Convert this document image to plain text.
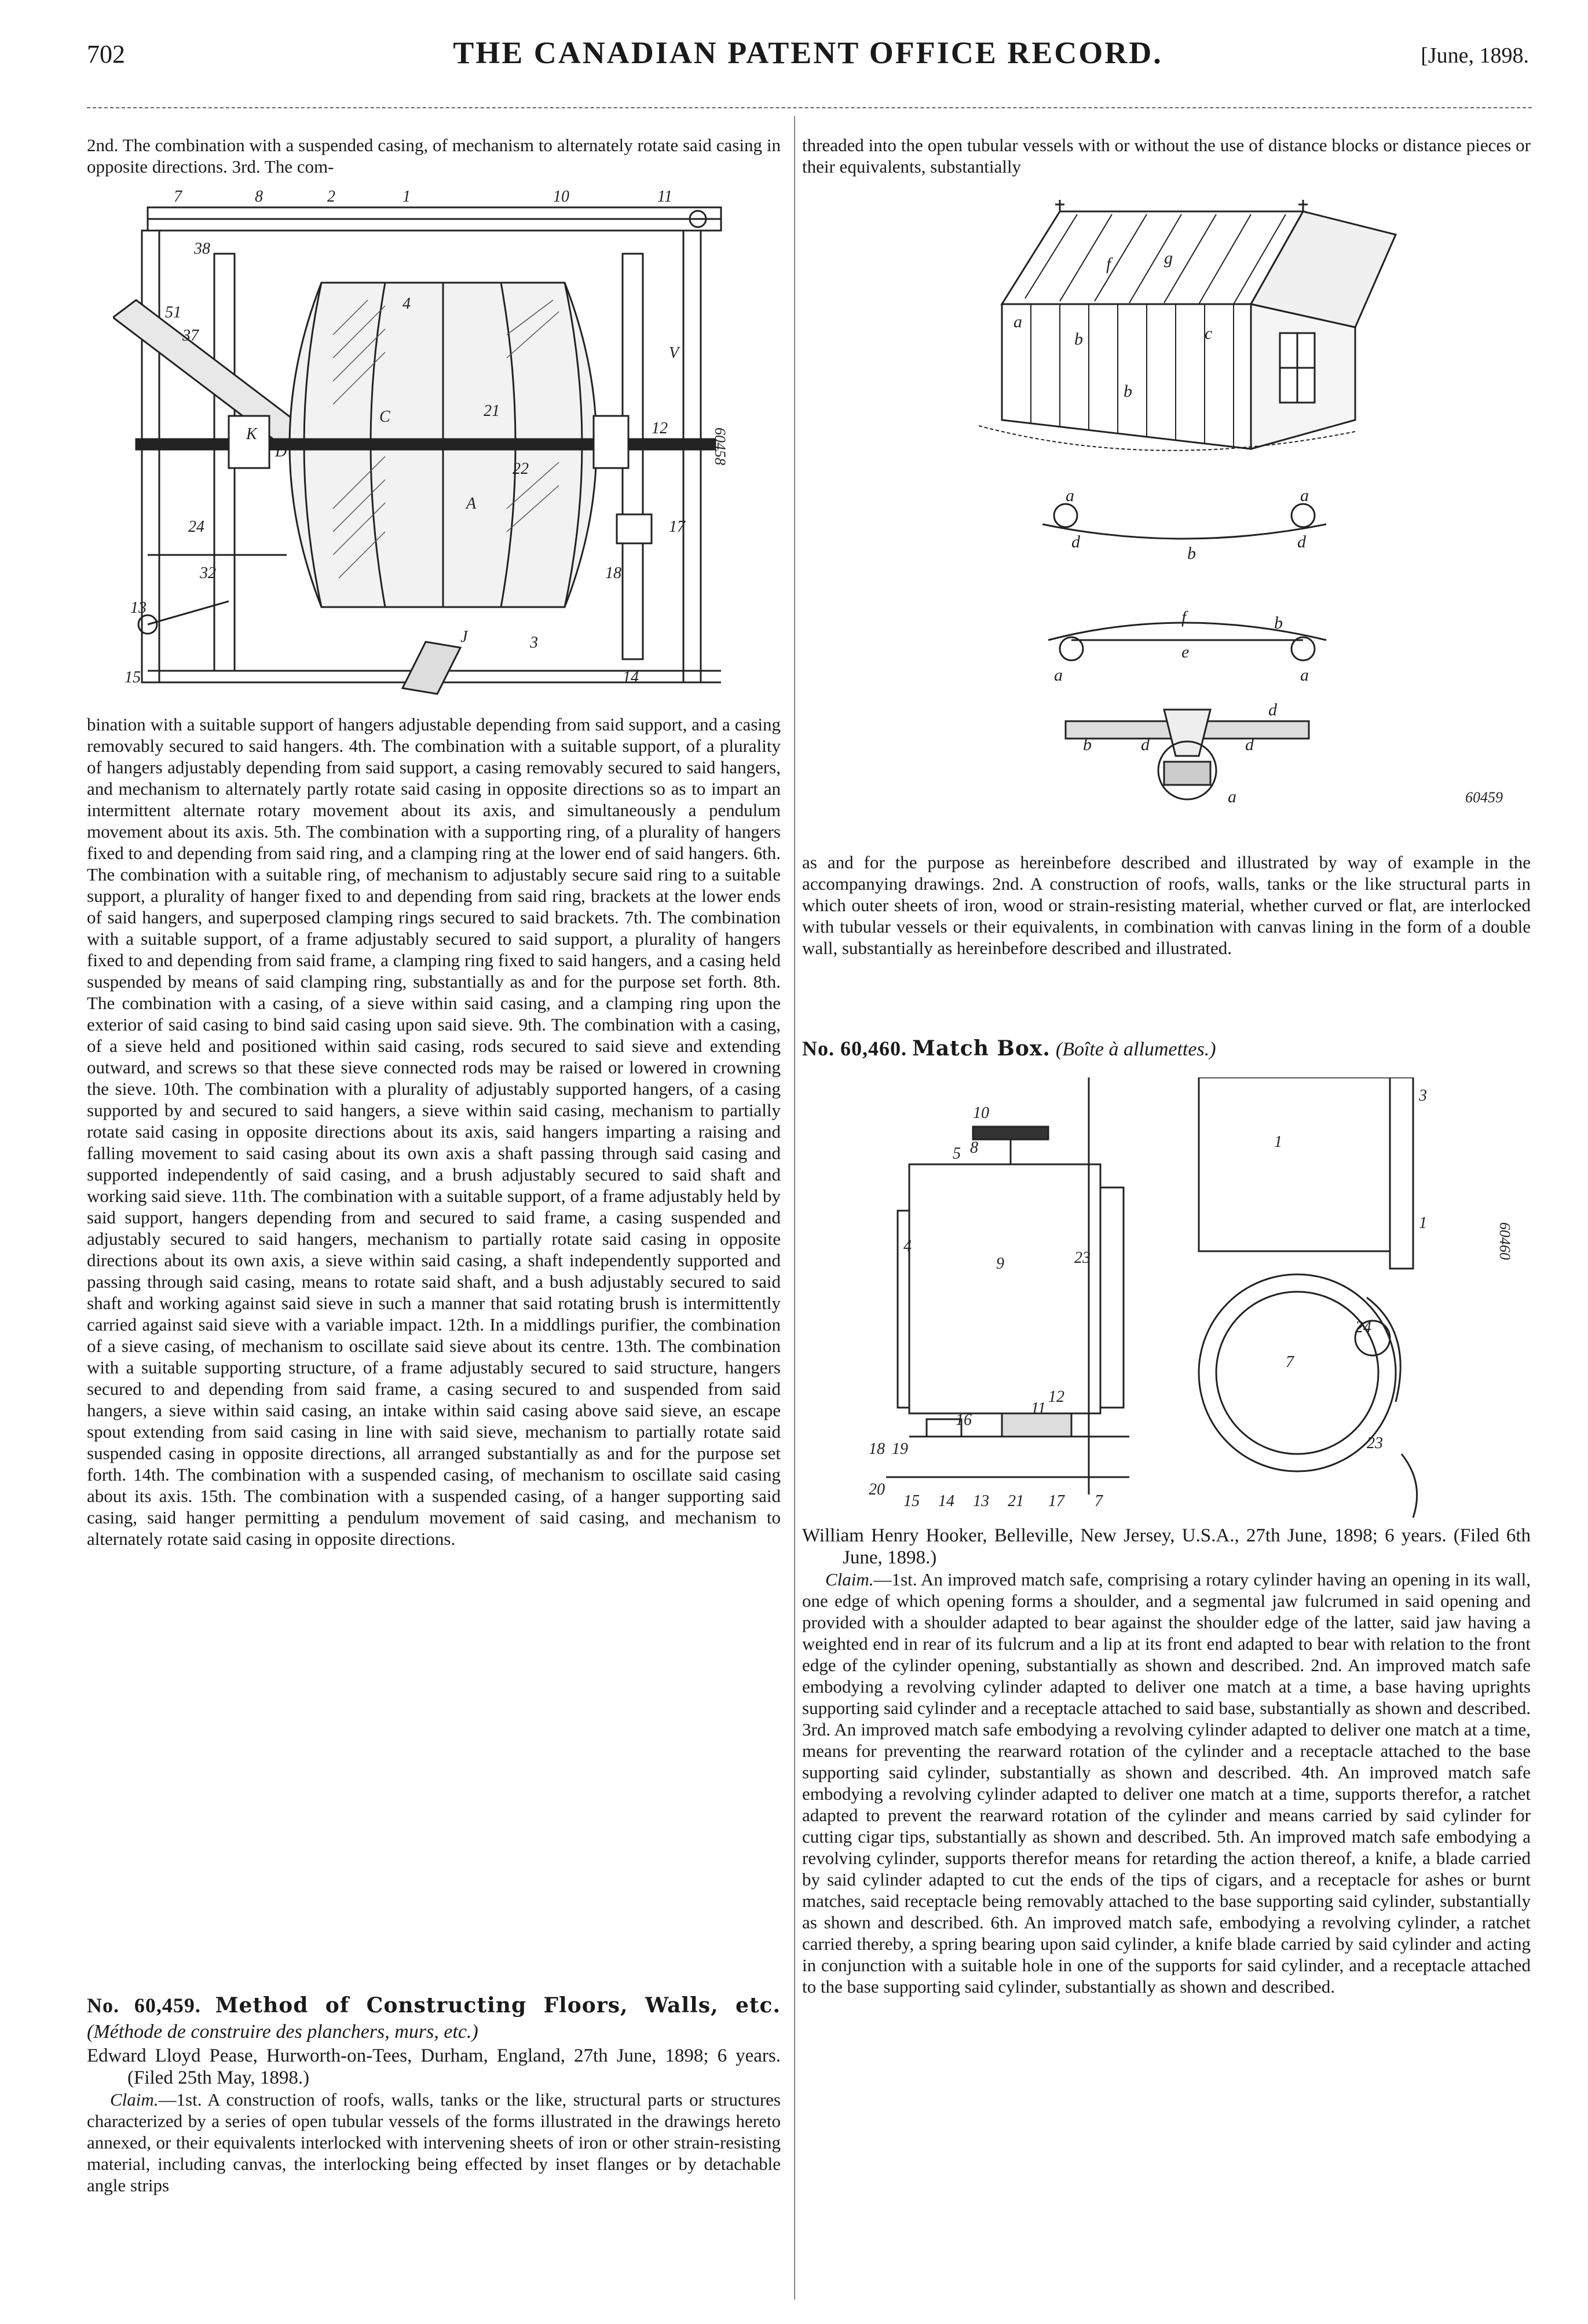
702	THE CANADIAN PATENT OFFICE RECORD.	[June, 1898.

2nd. The combination with a suspended casing, of mechanism to alternately rotate said casing in opposite directions. 3rd. The com-

7	8	2	1	10	11
38
51
37
4
C	21
22
A
K
D
J
V
24
32
13
15	14
3
18
12
17
60458

bination with a suitable support of hangers adjustable depending from said support, and a casing removably secured to said hangers. 4th. The combination with a suitable support, of a plurality of hangers adjustably depending from said support, a casing removably secured to said hangers, and mechanism to alternately partly rotate said casing in opposite directions so as to impart an intermittent alternate rotary movement about its axis, and simultaneously a pendulum movement about its axis. 5th. The combination with a supporting ring, of a plurality of hangers fixed to and depending from said ring, and a clamping ring at the lower end of said hangers. 6th. The combination with a suitable ring, of mechanism to adjustably secure said ring to a suitable support, a plurality of hanger fixed to and depending from said ring, brackets at the lower ends of said hangers, and superposed clamping rings secured to said brackets. 7th. The combination with a suitable support, of a frame adjustably secured to said support, a plurality of hangers fixed to and depending from said frame, a clamping ring fixed to said hangers, and a casing held suspended by means of said clamping ring, substantially as and for the purpose set forth. 8th. The combination with a casing, of a sieve within said casing, and a clamping ring upon the exterior of said casing to bind said casing upon said sieve. 9th. The combination with a casing, of a sieve held and positioned within said casing, rods secured to said sieve and extending outward, and screws so that these sieve connected rods may be raised or lowered in crowning the sieve. 10th. The combination with a plurality of adjustably supported hangers, of a casing supported by and secured to said hangers, a sieve within said casing, mechanism to partially rotate said casing in opposite directions about its axis, said hangers imparting a raising and falling movement to said casing about its own axis a shaft passing through said casing and supported independently of said casing, and a brush adjustably secured to said shaft and working said sieve. 11th. The combination with a suitable support, of a frame adjustably held by said support, hangers depending from and secured to said frame, a casing suspended and adjustably secured to said hangers, mechanism to partially rotate said casing in opposite directions about its own axis, a sieve within said casing, a shaft independently supported and passing through said casing, means to rotate said shaft, and a bush adjustably secured to said shaft and working against said sieve in such a manner that said rotating brush is intermittently carried against said sieve with a variable impact. 12th. In a middlings purifier, the combination of a sieve casing, of mechanism to oscillate said sieve about its centre. 13th. The combination with a suitable supporting structure, of a frame adjustably secured to said structure, hangers secured to and depending from said frame, a casing secured to and suspended from said hangers, a sieve within said casing, an intake within said casing above said sieve, an escape spout extending from said casing in line with said sieve, mechanism to partially rotate said suspended casing in opposite directions, all arranged substantially as and for the purpose set forth. 14th. The combination with a suspended casing, of mechanism to oscillate said casing about its axis. 15th. The combination with a suspended casing, of a hanger supporting said casing, said hanger permitting a pendulum movement of said casing, and mechanism to alternately rotate said casing in opposite directions.

No. 60,459. Method of Constructing Floors, Walls, etc. (Méthode de construire des planchers, murs, etc.)

Edward Lloyd Pease, Hurworth-on-Tees, Durham, England, 27th June, 1898; 6 years. (Filed 25th May, 1898.)

Claim.—1st. A construction of roofs, walls, tanks or the like, structural parts or structures characterized by a series of open tubular vessels of the forms illustrated in the drawings hereto annexed, or their equivalents interlocked with intervening sheets of iron or other strain-resisting material, including canvas, the interlocking being effected by inset flanges or by detachable angle strips

threaded into the open tubular vessels with or without the use of distance blocks or distance pieces or their equivalents, substantially

a
b
b
c
f	g
a	a
d
b
d
a	a
f
e
b
d	d
d
b
a	60459

as and for the purpose as hereinbefore described and illustrated by way of example in the accompanying drawings. 2nd. A construction of roofs, walls, tanks or the like structural parts in which outer sheets of iron, wood or strain-resisting material, whether curved or flat, are interlocked with tubular vessels or their equivalents, in combination with canvas lining in the form of a double wall, substantially as hereinbefore described and illustrated.

No. 60,460. Match Box. (Boîte à allumettes.)

10
8
5
4
9	23
18 19
16
11
12
20
15 14 13 21 17 7
1
3
1
7
24
23
60460

William Henry Hooker, Belleville, New Jersey, U.S.A., 27th June, 1898; 6 years. (Filed 6th June, 1898.)

Claim.—1st. An improved match safe, comprising a rotary cylinder having an opening in its wall, one edge of which opening forms a shoulder, and a segmental jaw fulcrumed in said opening and provided with a shoulder adapted to bear against the shoulder edge of the latter, said jaw having a weighted end in rear of its fulcrum and a lip at its front end adapted to bear with relation to the front edge of the cylinder opening, substantially as shown and described. 2nd. An improved match safe embodying a revolving cylinder adapted to deliver one match at a time, a base having uprights supporting said cylinder and a receptacle attached to said base, substantially as shown and described. 3rd. An improved match safe embodying a revolving cylinder adapted to deliver one match at a time, means for preventing the rearward rotation of the cylinder and a receptacle attached to the base supporting said cylinder, substantially as shown and described. 4th. An improved match safe embodying a revolving cylinder adapted to deliver one match at a time, supports therefor, a ratchet adapted to prevent the rearward rotation of the cylinder and means carried by said cylinder for cutting cigar tips, substantially as shown and described. 5th. An improved match safe embodying a revolving cylinder, supports therefor means for retarding the action thereof, a knife, a blade carried by said cylinder adapted to cut the ends of the tips of cigars, and a receptacle for ashes or burnt matches, said receptacle being removably attached to the base supporting said cylinder, substantially as shown and described. 6th. An improved match safe, embodying a revolving cylinder, a ratchet carried thereby, a spring bearing upon said cylinder, a knife blade carried by said cylinder and acting in conjunction with a suitable hole in one of the supports for said cylinder, and a receptacle attached to the base supporting said cylinder, substantially as shown and described.
